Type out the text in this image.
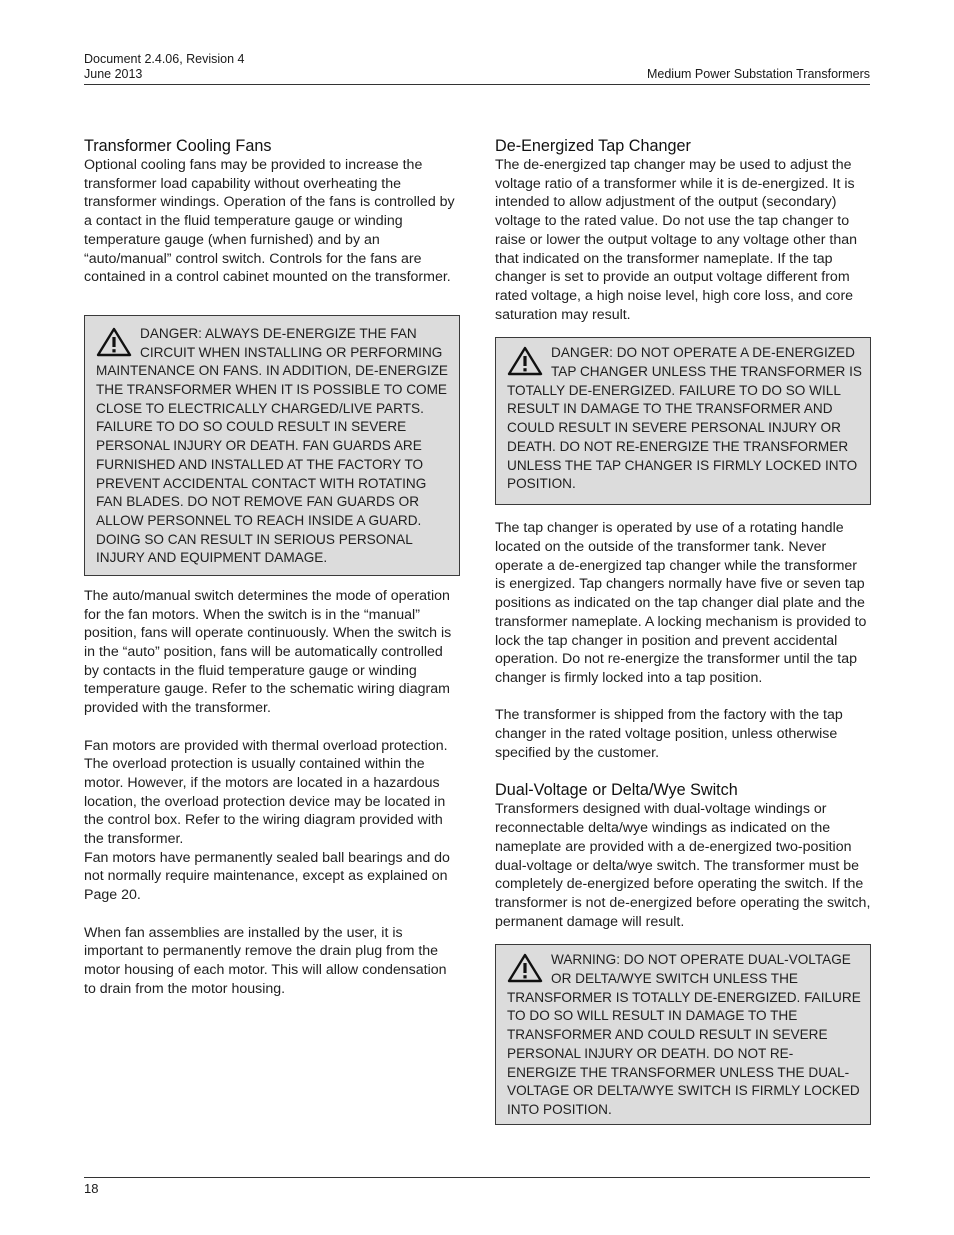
Document 2.4.06, Revision 4
June 2013	Medium Power Substation Transformers
Transformer Cooling Fans

Optional cooling fans may be provided to increase the transformer load capability without overheating the transformer windings. Operation of the fans is controlled by a contact in the fluid temperature gauge or winding temperature gauge (when furnished) and by an “auto/manual” control switch. Controls for the fans are contained in a control cabinet mounted on the transformer.

DANGER: ALWAYS DE-ENERGIZE THE FAN CIRCUIT WHEN INSTALLING OR PERFORMING MAINTENANCE ON FANS. IN ADDITION, DE-ENERGIZE THE TRANSFORMER WHEN IT IS POSSIBLE TO COME CLOSE TO ELECTRICALLY CHARGED/LIVE PARTS. FAILURE TO DO SO COULD RESULT IN SEVERE PERSONAL INJURY OR DEATH. FAN GUARDS ARE FURNISHED AND INSTALLED AT THE FACTORY TO PREVENT ACCIDENTAL CONTACT WITH ROTATING FAN BLADES. DO NOT REMOVE FAN GUARDS OR ALLOW PERSONNEL TO REACH INSIDE A GUARD. DOING SO CAN RESULT IN SERIOUS PERSONAL INJURY AND EQUIPMENT DAMAGE.

The auto/manual switch determines the mode of operation for the fan motors. When the switch is in the “manual” position, fans will operate continuously. When the switch is in the “auto” position, fans will be automatically controlled by contacts in the fluid temperature gauge or winding temperature gauge. Refer to the schematic wiring diagram provided with the transformer.

Fan motors are provided with thermal overload protection. The overload protection is usually contained within the motor. However, if the motors are located in a hazardous location, the overload protection device may be located in the control box. Refer to the wiring diagram provided with the transformer.

Fan motors have permanently sealed ball bearings and do not normally require maintenance, except as explained on Page 20.

When fan assemblies are installed by the user, it is important to permanently remove the drain plug from the motor housing of each motor. This will allow condensation to drain from the motor housing.

De-Energized Tap Changer

The de-energized tap changer may be used to adjust the voltage ratio of a transformer while it is de-energized. It is intended to allow adjustment of the output (secondary) voltage to the rated value. Do not use the tap changer to raise or lower the output voltage to any voltage other than that indicated on the transformer nameplate. If the tap changer is set to provide an output voltage different from rated voltage, a high noise level, high core loss, and core saturation may result.

DANGER: DO NOT OPERATE A DE-ENERGIZED TAP CHANGER UNLESS THE TRANSFORMER IS TOTALLY DE-ENERGIZED. FAILURE TO DO SO WILL RESULT IN DAMAGE TO THE TRANSFORMER AND COULD RESULT IN SEVERE PERSONAL INJURY OR DEATH. DO NOT RE-ENERGIZE THE TRANSFORMER UNLESS THE TAP CHANGER IS FIRMLY LOCKED INTO POSITION.

The tap changer is operated by use of a rotating handle located on the outside of the transformer tank. Never operate a de-energized tap changer while the transformer is energized. Tap changers normally have five or seven tap positions as indicated on the tap changer dial plate and the transformer nameplate. A locking mechanism is provided to lock the tap changer in position and prevent accidental operation. Do not re-energize the transformer until the tap changer is firmly locked into a tap position.

The transformer is shipped from the factory with the tap changer in the rated voltage position, unless otherwise specified by the customer.

Dual-Voltage or Delta/Wye Switch

Transformers designed with dual-voltage windings or reconnectable delta/wye windings as indicated on the nameplate are provided with a de-energized two-position dual-voltage or delta/wye switch. The transformer must be completely de-energized before operating the switch. If the transformer is not de-energized before operating the switch, permanent damage will result.

WARNING: DO NOT OPERATE DUAL-VOLTAGE OR DELTA/WYE SWITCH UNLESS THE TRANSFORMER IS TOTALLY DE-ENERGIZED. FAILURE TO DO SO WILL RESULT IN DAMAGE TO THE TRANSFORMER AND COULD RESULT IN SEVERE PERSONAL INJURY OR DEATH. DO NOT RE-ENERGIZE THE TRANSFORMER UNLESS THE DUAL-VOLTAGE OR DELTA/WYE SWITCH IS FIRMLY LOCKED INTO POSITION.
18
